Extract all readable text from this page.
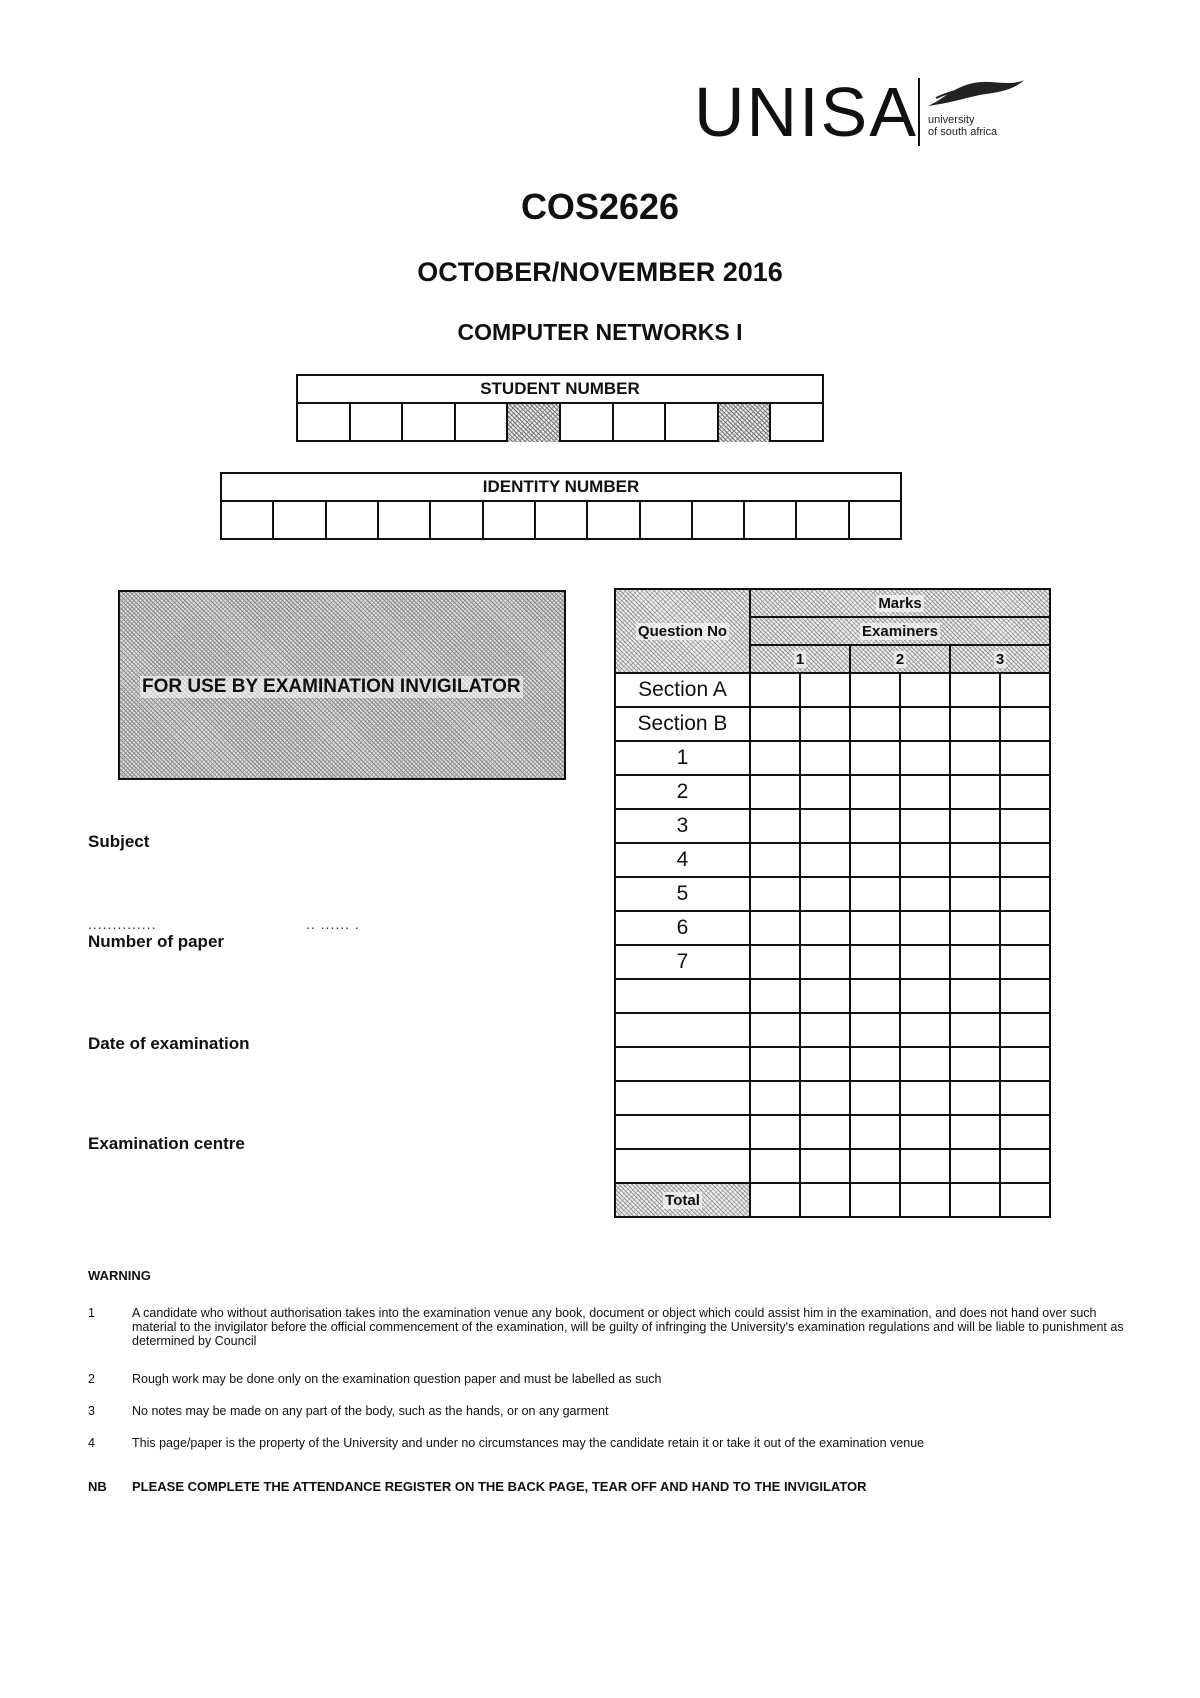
UNISA university
of south africa
COS2626
OCTOBER/NOVEMBER 2016
COMPUTER NETWORKS I
STUDENT NUMBER
IDENTITY NUMBER
FOR USE BY EXAMINATION INVIGILATOR
Subject
..............	.. ...... .
Number of paper
Date of examination
Examination centre
Question No	Marks					
	Examiners					
	1		2		3	
Section A						
Section B						
1						
2						
3						
4						
5						
6						
7						

Total						
WARNING
1	A candidate who without authorisation takes into the examination venue any book, document or object which could assist him in the examination, and does not hand over such material to the invigilator before the official commencement of the examination, will be guilty of infringing the University's examination regulations and will be liable to punishment as determined by Council
2	Rough work may be done only on the examination question paper and must be labelled as such
3	No notes may be made on any part of the body, such as the hands, or on any garment
4	This page/paper is the property of the University and under no circumstances may the candidate retain it or take it out of the examination venue
NB PLEASE COMPLETE THE ATTENDANCE REGISTER ON THE BACK PAGE, TEAR OFF AND HAND TO THE INVIGILATOR
